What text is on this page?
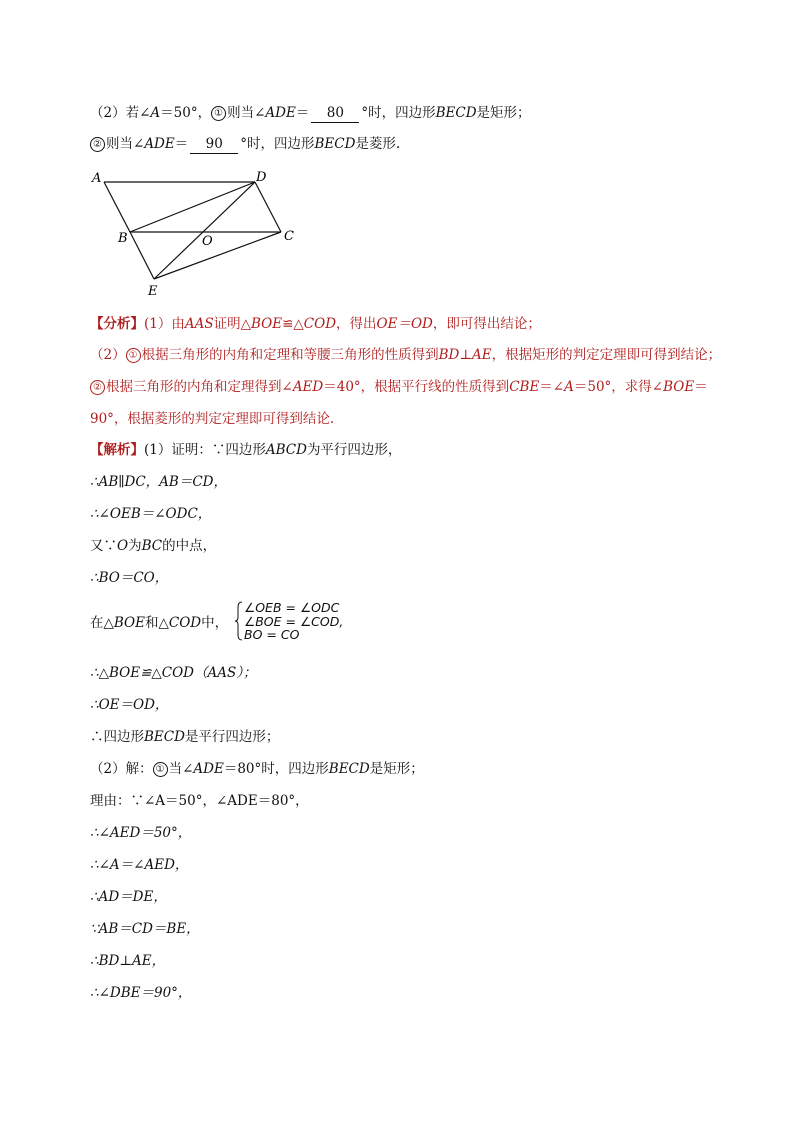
（2）若∠A＝50°， ① 则当∠ADE＝ 80 °时，四边形BECD是矩形；
② 则当∠ADE＝ 90 °时，四边形BECD是菱形.
A	D
B	O	C
E
【分析】(1）由AAS证明△BOE≌△COD，得出OE＝OD，即可得出结论；
（2） ① 根据三角形的内角和定理和等腰三角形的性质得到BD⊥AE，根据矩形的判定定理即可得到结论；
② 根据三角形的内角和定理得到∠AED＝40°，根据平行线的性质得到CBE＝∠A＝50°，求得∠BOE＝
90°，根据菱形的判定定理即可得到结论.
【解析】(1）证明：∵四边形ABCD为平行四边形，
∴AB∥DC，AB＝CD，
∴∠OEB＝∠ODC，
又∵O为BC的中点，
∴BO＝CO，
在△BOE和△COD中，
∠OEB = ∠ODC
∠BOE = ∠COD,
BO = CO
∴△BOE≌△COD（AAS）；
∴OE＝OD，
∴四边形BECD是平行四边形；
（2）解： ① 当∠ADE＝80°时，四边形BECD是矩形；
理由：∵∠A＝50°，∠ADE＝80°，
∴∠AED＝50°，
∴∠A＝∠AED，
∴AD＝DE，
∵AB＝CD＝BE，
∴BD⊥AE，
∴∠DBE＝90°，
